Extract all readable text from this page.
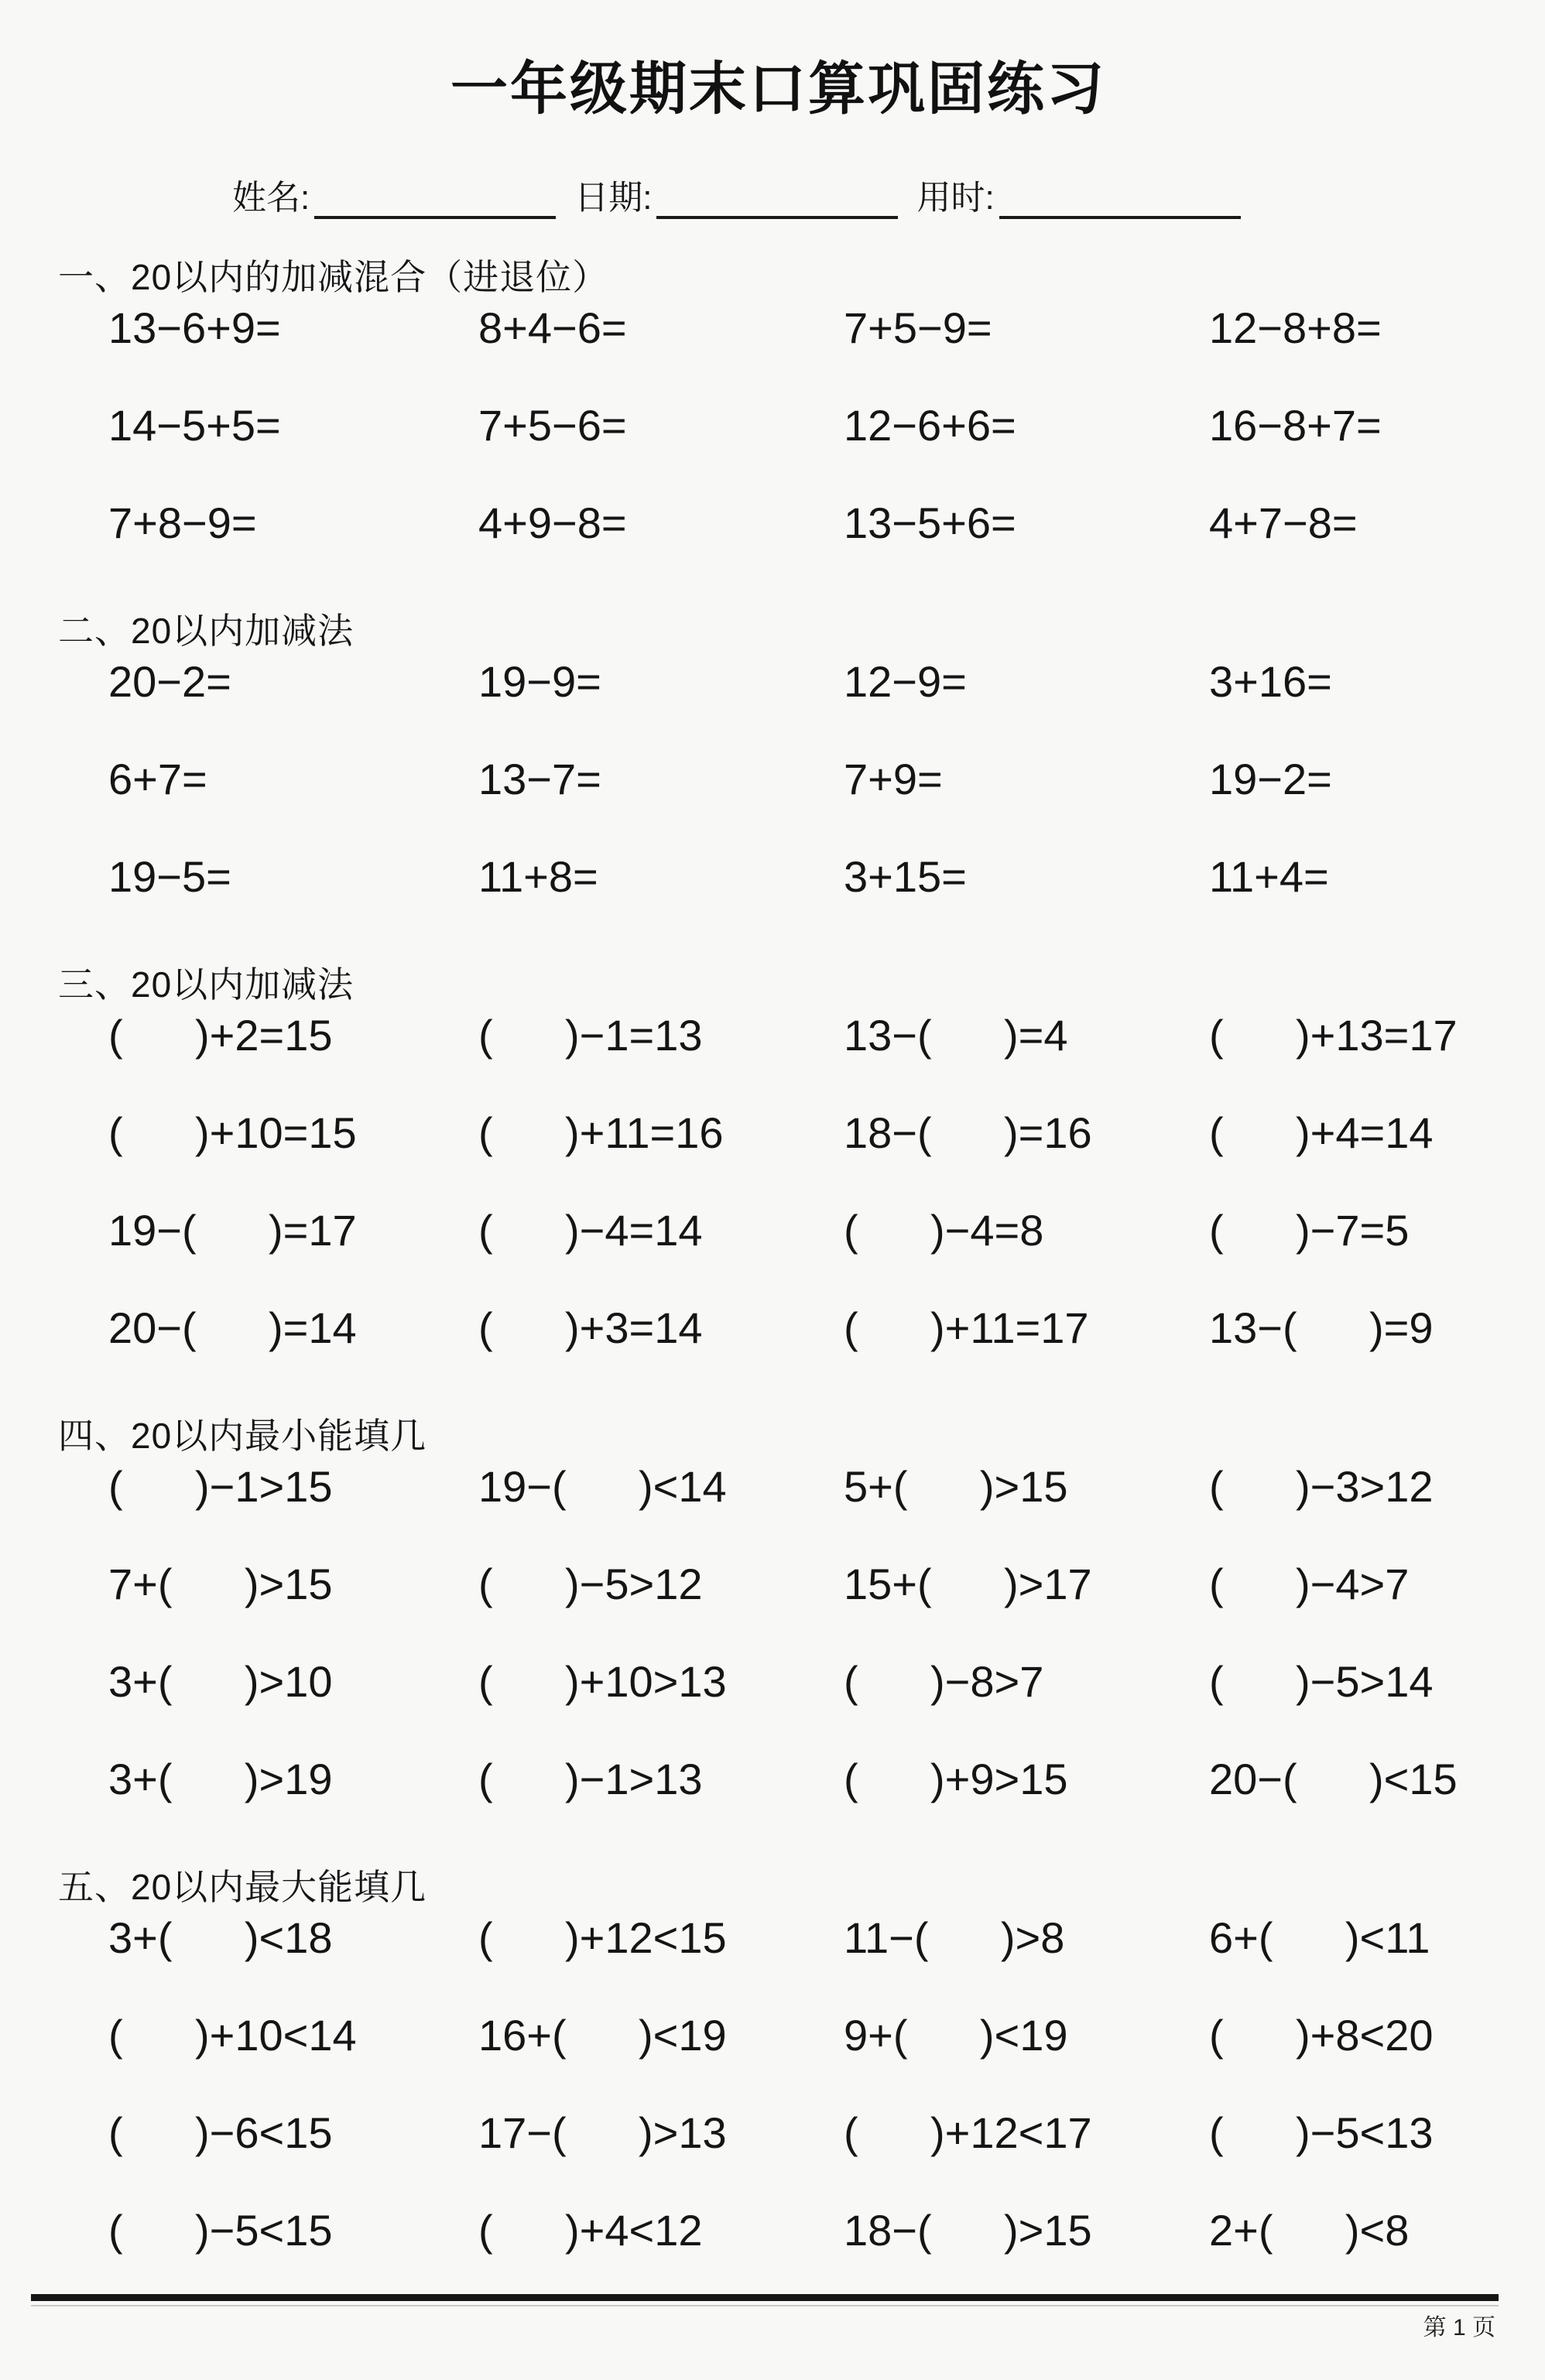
一年级期末口算巩固练习
姓名:	日期:	用时:
一、20以内的加减混合（进退位）
13−6+9=	8+4−6=	7+5−9=	12−8+8=
14−5+5=	7+5−6=	12−6+6=	16−8+7=
7+8−9=	4+9−8=	13−5+6=	4+7−8=
二、20以内加减法
20−2=	19−9=	12−9=	3+16=
6+7=	13−7=	7+9=	19−2=
19−5=	11+8=	3+15=	11+4=
三、20以内加减法
(      )+2=15	(      )−1=13	13−(      )=4	(      )+13=17
(      )+10=15	(      )+11=16	18−(      )=16	(      )+4=14
19−(      )=17	(      )−4=14	(      )−4=8	(      )−7=5
20−(      )=14	(      )+3=14	(      )+11=17	13−(      )=9
四、20以内最小能填几
(      )−1>15	19−(      )<14	5+(      )>15	(      )−3>12
7+(      )>15	(      )−5>12	15+(      )>17	(      )−4>7
3+(      )>10	(      )+10>13	(      )−8>7	(      )−5>14
3+(      )>19	(      )−1>13	(      )+9>15	20−(      )<15
五、20以内最大能填几
3+(      )<18	(      )+12<15	11−(      )>8	6+(      )<11
(      )+10<14	16+(      )<19	9+(      )<19	(      )+8<20
(      )−6<15	17−(      )>13	(      )+12<17	(      )−5<13
(      )−5<15	(      )+4<12	18−(      )>15	2+(      )<8
第 1 页
